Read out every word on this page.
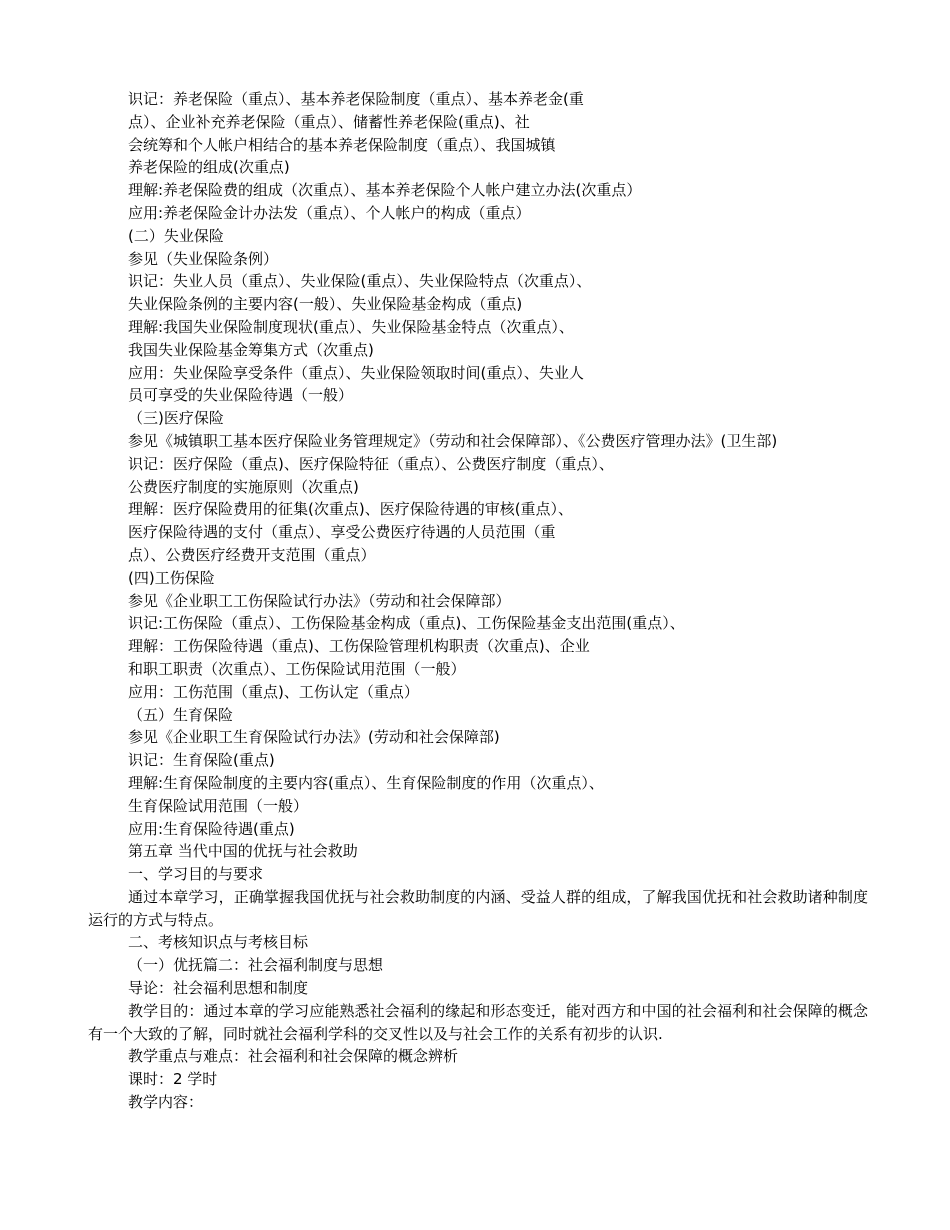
识记：养老保险（重点）、基本养老保险制度（重点）、基本养老金(重
点）、企业补充养老保险（重点）、储蓄性养老保险(重点)、社
会统筹和个人帐户相结合的基本养老保险制度（重点）、我国城镇
养老保险的组成(次重点)
理解:养老保险费的组成（次重点）、基本养老保险个人帐户建立办法(次重点）
应用:养老保险金计办法发（重点）、个人帐户的构成（重点）
(二）失业保险
参见（失业保险条例）
识记：失业人员（重点）、失业保险(重点）、失业保险特点（次重点）、
失业保险条例的主要内容(一般）、失业保险基金构成（重点)
理解:我国失业保险制度现状(重点）、失业保险基金特点（次重点）、
我国失业保险基金筹集方式（次重点)
应用：失业保险享受条件（重点）、失业保险领取时间(重点）、失业人
员可享受的失业保险待遇（一般）
（三)医疗保险
参见《城镇职工基本医疗保险业务管理规定》（劳动和社会保障部）、《公费医疗管理办法》(卫生部)
识记：医疗保险（重点)、医疗保险特征（重点）、公费医疗制度（重点）、
公费医疗制度的实施原则（次重点)
理解：医疗保险费用的征集(次重点)、医疗保险待遇的审核(重点）、
医疗保险待遇的支付（重点）、享受公费医疗待遇的人员范围（重
点）、公费医疗经费开支范围（重点）
(四)工伤保险
参见《企业职工工伤保险试行办法》（劳动和社会保障部）
识记:工伤保险（重点）、工伤保险基金构成（重点)、工伤保险基金支出范围(重点）、
理解：工伤保险待遇（重点)、工伤保险管理机构职责（次重点)、企业
和职工职责（次重点）、工伤保险试用范围（一般）
应用：工伤范围（重点)、工伤认定（重点）
（五）生育保险
参见《企业职工生育保险试行办法》(劳动和社会保障部)
识记：生育保险(重点)
理解:生育保险制度的主要内容(重点）、生育保险制度的作用（次重点）、
生育保险试用范围（一般）
应用:生育保险待遇(重点)
第五章 当代中国的优抚与社会救助
一、学习目的与要求
通过本章学习，正确掌握我国优抚与社会救助制度的内涵、受益人群的组成，了解我国优抚和社会救助诸种制度运行的方式与特点。
二、考核知识点与考核目标
（一）优抚篇二：社会福利制度与思想
导论：社会福利思想和制度
教学目的：通过本章的学习应能熟悉社会福利的缘起和形态变迁，能对西方和中国的社会福利和社会保障的概念有一个大致的了解，同时就社会福利学科的交叉性以及与社会工作的关系有初步的认识.
教学重点与难点：社会福利和社会保障的概念辨析
课时：2 学时
教学内容：
